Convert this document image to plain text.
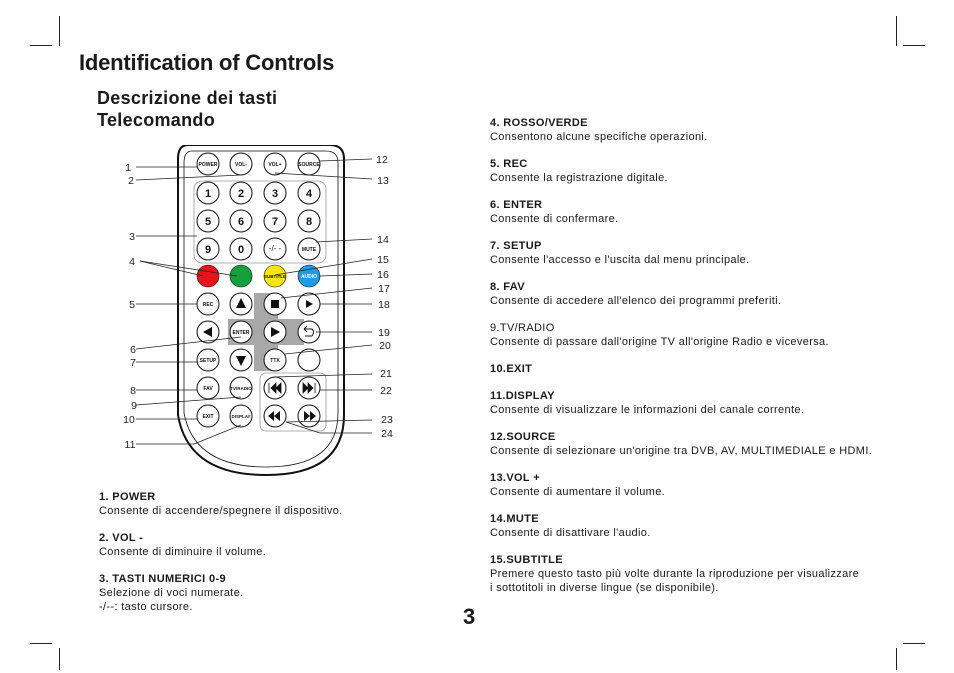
Identification of Controls
Descrizione dei tasti
Telecomando
POWER	VOL-	VOL+	SOURCE
1 2	3	4
5 6	7	8
9 0	-/- -	MUTE
SUBTITLE	AUDIO
REC
ENTER
SETUP	TTX
FAV	TV/RADIO
EXIT	DISPLAY
1
2
3
4
5
6
7
8
9
10
11
12
13
14
15
16
17
18
19
20
21
22
23
24
1. POWER
Consente di accendere/spegnere il dispositivo.
2. VOL -
Consente di diminuire il volume.
3. TASTI NUMERICI 0-9
Selezione di voci numerate.
-/--: tasto cursore.
4. ROSSO/VERDE
Consentono alcune specifiche operazioni.
5. REC
Consente la registrazione digitale.
6. ENTER
Consente di confermare.
7. SETUP
Consente l'accesso e l'uscita dal menu principale.
8. FAV
Consente di accedere all'elenco dei programmi preferiti.
9.TV/RADIO
Consente di passare dall'origine TV all'origine Radio e viceversa.
10.EXIT
11.DISPLAY
Consente di visualizzare le informazioni del canale corrente.
12.SOURCE
Consente di selezionare un'origine tra DVB, AV, MULTIMEDIALE e HDMI.
13.VOL +
Consente di aumentare il volume.
14.MUTE
Consente di disattivare l'audio.
15.SUBTITLE
Premere questo tasto più volte durante la riproduzione per visualizzare
i sottotitoli in diverse lingue (se disponibile).
3
